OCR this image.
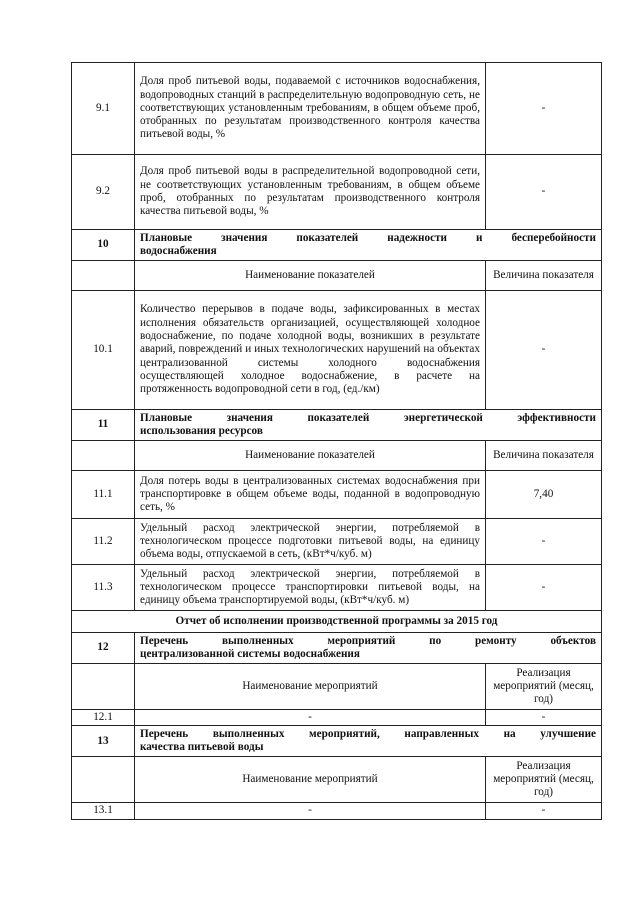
9.1	Доля проб питьевой воды, подаваемой с источников водоснабжения, водопроводных станций в распределительную водопроводную сеть, не соответствующих установленным требованиям, в общем объеме проб, отобранных по результатам производственного контроля качества питьевой воды, %	-
9.2	Доля проб питьевой воды в распределительной водопроводной сети, не соответствующих установленным требованиям, в общем объеме проб, отобранных по результатам производственного контроля качества питьевой воды, %	-
10	Плановые значения показателей надежности и бесперебойности
водоснабжения	

	Наименование показателей	Величина показателя
10.1	Количество перерывов в подаче воды, зафиксированных в местах исполнения обязательств организацией, осуществляющей холодное водоснабжение, по подаче холодной воды, возникших в результате аварий, повреждений и иных технологических нарушений на объектах централизованной системы холодного водоснабжения осуществляющей холодное водоснабжение, в расчете на протяженность водопроводной сети в год, (ед./км)	-
11	Плановые значения показателей энергетической эффективности
использования ресурсов	

	Наименование показателей	Величина показателя
11.1	Доля потерь воды в централизованных системах водоснабжения при транспортировке в общем объеме воды, поданной в водопроводную сеть, %	7,40
11.2	Удельный расход электрической энергии, потребляемой в технологическом процессе подготовки питьевой воды, на единицу объема воды, отпускаемой в сеть, (кВт*ч/куб. м)	-
11.3	Удельный расход электрической энергии, потребляемой в технологическом процессе транспортировки питьевой воды, на единицу объема транспортируемой воды, (кВт*ч/куб. м)	-
Отчет об исполнении производственной программы за 2015 год		
12	Перечень выполненных мероприятий по ремонту объектов
централизованной системы водоснабжения	

	Наименование мероприятий	Реализация мероприятий (месяц, год)
12.1	-	-
13	Перечень выполненных мероприятий, направленных на улучшение
качества питьевой воды	

	Наименование мероприятий	Реализация мероприятий (месяц, год)
13.1	-	-
